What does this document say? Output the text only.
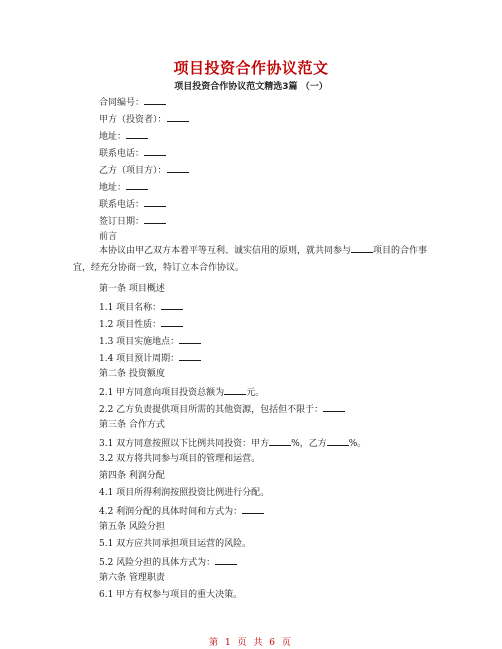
项目投资合作协议范文
项目投资合作协议范文精选3篇 （一）
合同编号：
甲方（投资者）：
地址：
联系电话：
乙方（项目方）：
地址：
联系电话：
签订日期：
前言
本协议由甲乙双方本着平等互利、诚实信用的原则，就共同参与 项目的合作事宜，经充分协商一致，特订立本合作协议。
第一条 项目概述
1.1 项目名称：
1.2 项目性质：
1.3 项目实施地点：
1.4 项目预计周期：
第二条 投资额度
2.1 甲方同意向项目投资总额为 元。
2.2 乙方负责提供项目所需的其他资源，包括但不限于：
第三条 合作方式
3.1 双方同意按照以下比例共同投资：甲方 %，乙方 %。
3.2 双方将共同参与项目的管理和运营。
第四条 利润分配
4.1 项目所得利润按照投资比例进行分配。
4.2 利润分配的具体时间和方式为：
第五条 风险分担
5.1 双方应共同承担项目运营的风险。
5.2 风险分担的具体方式为：
第六条 管理职责
6.1 甲方有权参与项目的重大决策。
第 1 页 共 6 页
